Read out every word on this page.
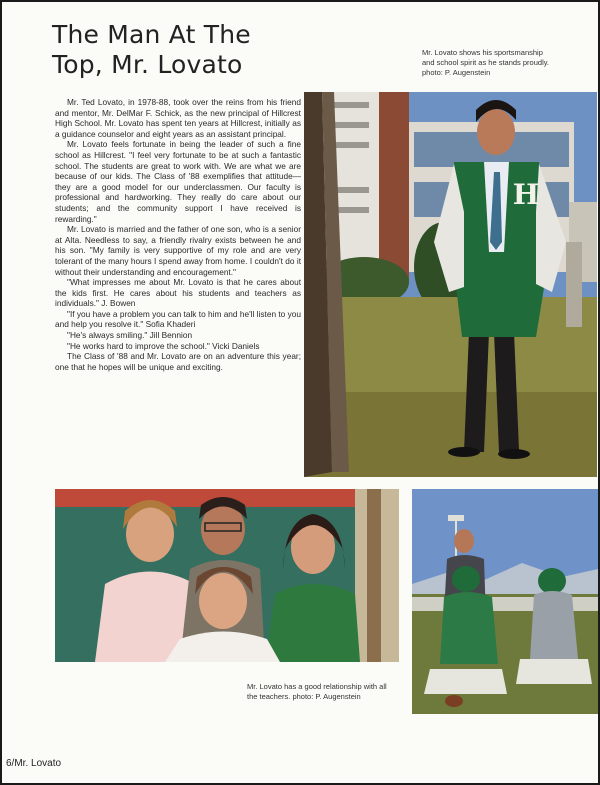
The Man At The
Top, Mr. Lovato	Mr. Lovato shows his sportsmanship
and school spirit as he stands proudly.
photo: P. Augenstein

Mr. Ted Lovato, in 1978-88, took over the reins from his friend and mentor, Mr. DelMar F. Schick, as the new principal of Hillcrest High School. Mr. Lovato has spent ten years at Hillcrest, initially as a guidance counselor and eight years as an assistant principal.

Mr. Lovato feels fortunate in being the leader of such a fine school as Hillcrest. "I feel very fortunate to be at such a fantastic school. The students are great to work with. We are what we are because of our kids. The Class of '88 exemplifies that attitude— they are a good model for our underclassmen. Our faculty is professional and hardworking. They really do care about our students; and the community support I have received is rewarding."

Mr. Lovato is married and the father of one son, who is a senior at Alta. Needless to say, a friendly rivalry exists between he and his son. "My family is very supportive of my role and are very tolerant of the many hours I spend away from home. I couldn't do it without their understanding and encouragement."

"What impresses me about Mr. Lovato is that he cares about the kids first. He cares about his students and teachers as individuals." J. Bowen

"If you have a problem you can talk to him and he'll listen to you and help you resolve it." Sofia Khaderi

"He's always smiling." Jill Bennion

"He works hard to improve the school." Vicki Daniels

The Class of '88 and Mr. Lovato are on an adventure this year; one that he hopes will be unique and exciting.

H
Mr. Lovato has a good relationship with all
the teachers. photo: P. Augenstein
6/Mr. Lovato
